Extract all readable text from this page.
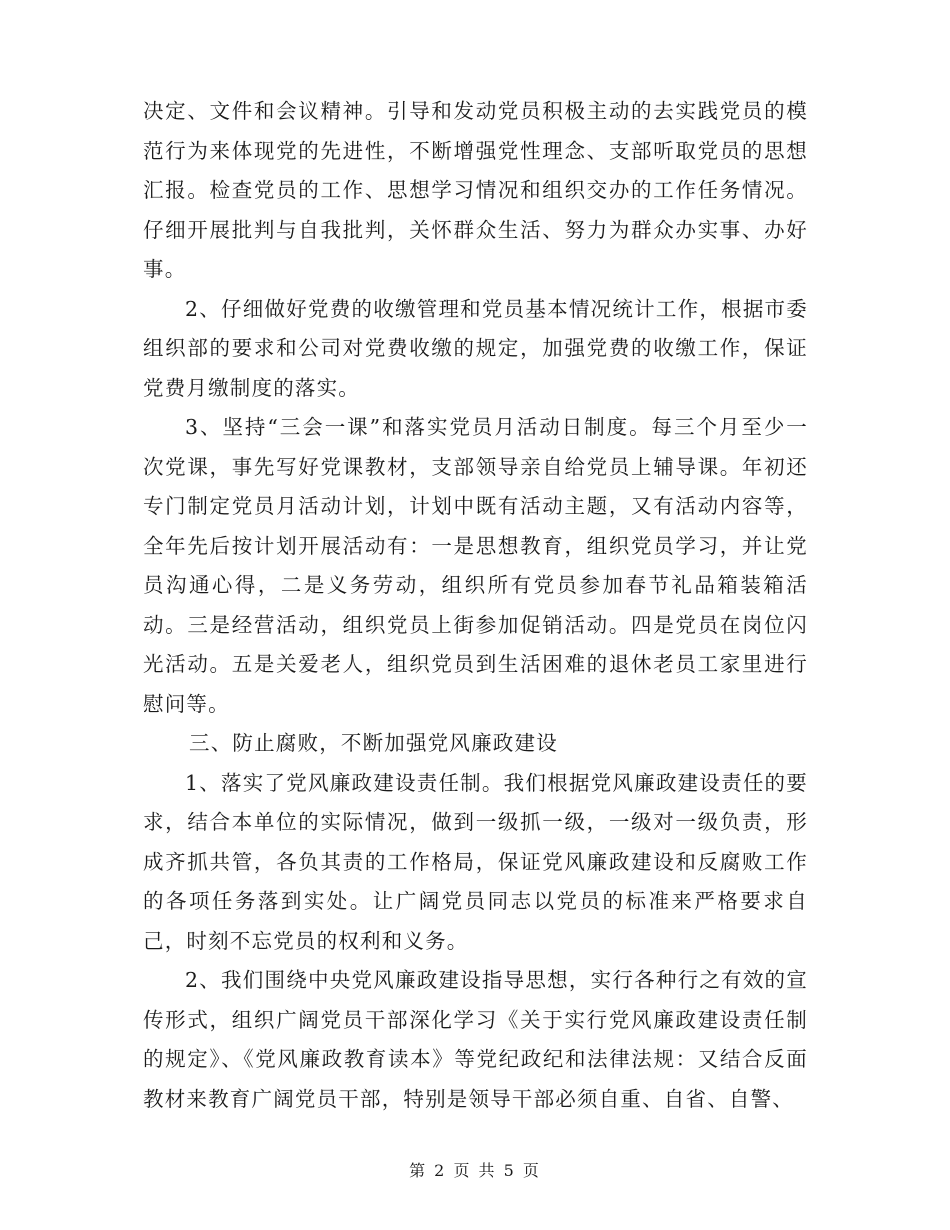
决定、文件和会议精神。引导和发动党员积极主动的去实践党员的模范行为来体现党的先进性，不断增强党性理念、支部听取党员的思想汇报。检查党员的工作、思想学习情况和组织交办的工作任务情况。仔细开展批判与自我批判，关怀群众生活、努力为群众办实事、办好事。

2、仔细做好党费的收缴管理和党员基本情况统计工作，根据市委组织部的要求和公司对党费收缴的规定，加强党费的收缴工作，保证党费月缴制度的落实。

3、坚持“三会一课”和落实党员月活动日制度。每三个月至少一次党课，事先写好党课教材，支部领导亲自给党员上辅导课。年初还专门制定党员月活动计划，计划中既有活动主题，又有活动内容等，全年先后按计划开展活动有：一是思想教育，组织党员学习，并让党员沟通心得，二是义务劳动，组织所有党员参加春节礼品箱装箱活动。三是经营活动，组织党员上街参加促销活动。四是党员在岗位闪光活动。五是关爱老人，组织党员到生活困难的退休老员工家里进行慰问等。

三、防止腐败，不断加强党风廉政建设

1、落实了党风廉政建设责任制。我们根据党风廉政建设责任的要求，结合本单位的实际情况，做到一级抓一级，一级对一级负责，形成齐抓共管，各负其责的工作格局，保证党风廉政建设和反腐败工作的各项任务落到实处。让广阔党员同志以党员的标准来严格要求自己，时刻不忘党员的权利和义务。

2、我们围绕中央党风廉政建设指导思想，实行各种行之有效的宣传形式，组织广阔党员干部深化学习《关于实行党风廉政建设责任制的规定》、《党风廉政教育读本》等党纪政纪和法律法规：又结合反面教材来教育广阔党员干部，特别是领导干部必须自重、自省、自警、

第 2 页 共 5 页
